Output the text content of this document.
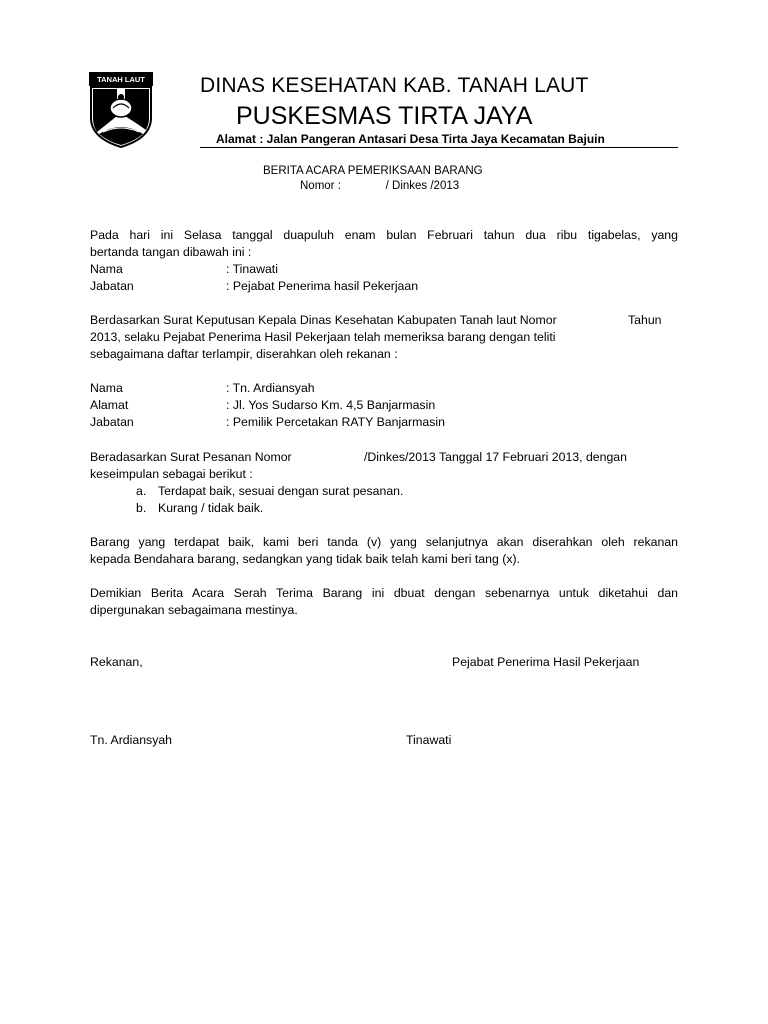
TANAH LAUT	DINAS KESEHATAN KAB. TANAH LAUT
PUSKESMAS TIRTA JAYA
Alamat : Jalan Pangeran Antasari Desa Tirta Jaya Kecamatan Bajuin
BERITA ACARA PEMERIKSAAN BARANG
Nomor :              / Dinkes /2013
Pada hari ini Selasa tanggal duapuluh enam bulan Februari tahun dua ribu tigabelas, yang
bertanda tangan dibawah ini :
Nama	: Tinawati
Jabatan	: Pejabat Penerima hasil Pekerjaan
Berdasarkan Surat Keputusan Kepala Dinas Kesehatan Kabupaten Tanah laut Nomor	Tahun
2013, selaku Pejabat Penerima Hasil Pekerjaan telah memeriksa barang dengan teliti
sebagaimana daftar terlampir, diserahkan oleh rekanan :
Nama	: Tn. Ardiansyah
Alamat	: Jl. Yos Sudarso Km. 4,5 Banjarmasin
Jabatan	: Pemilik Percetakan RATY Banjarmasin
Beradasarkan Surat Pesanan Nomor	/Dinkes/2013 Tanggal 17 Februari 2013, dengan
keseimpulan sebagai berikut :
a. Terdapat baik, sesuai dengan surat pesanan.
b. Kurang / tidak baik.
Barang yang terdapat baik, kami beri tanda (v) yang selanjutnya akan diserahkan oleh rekanan
kepada Bendahara barang, sedangkan yang tidak baik telah kami beri tang (x).
Demikian Berita Acara Serah Terima Barang ini dbuat dengan sebenarnya untuk diketahui dan
dipergunakan sebagaimana mestinya.
Rekanan,	Pejabat Penerima Hasil Pekerjaan
Tn. Ardiansyah	Tinawati
